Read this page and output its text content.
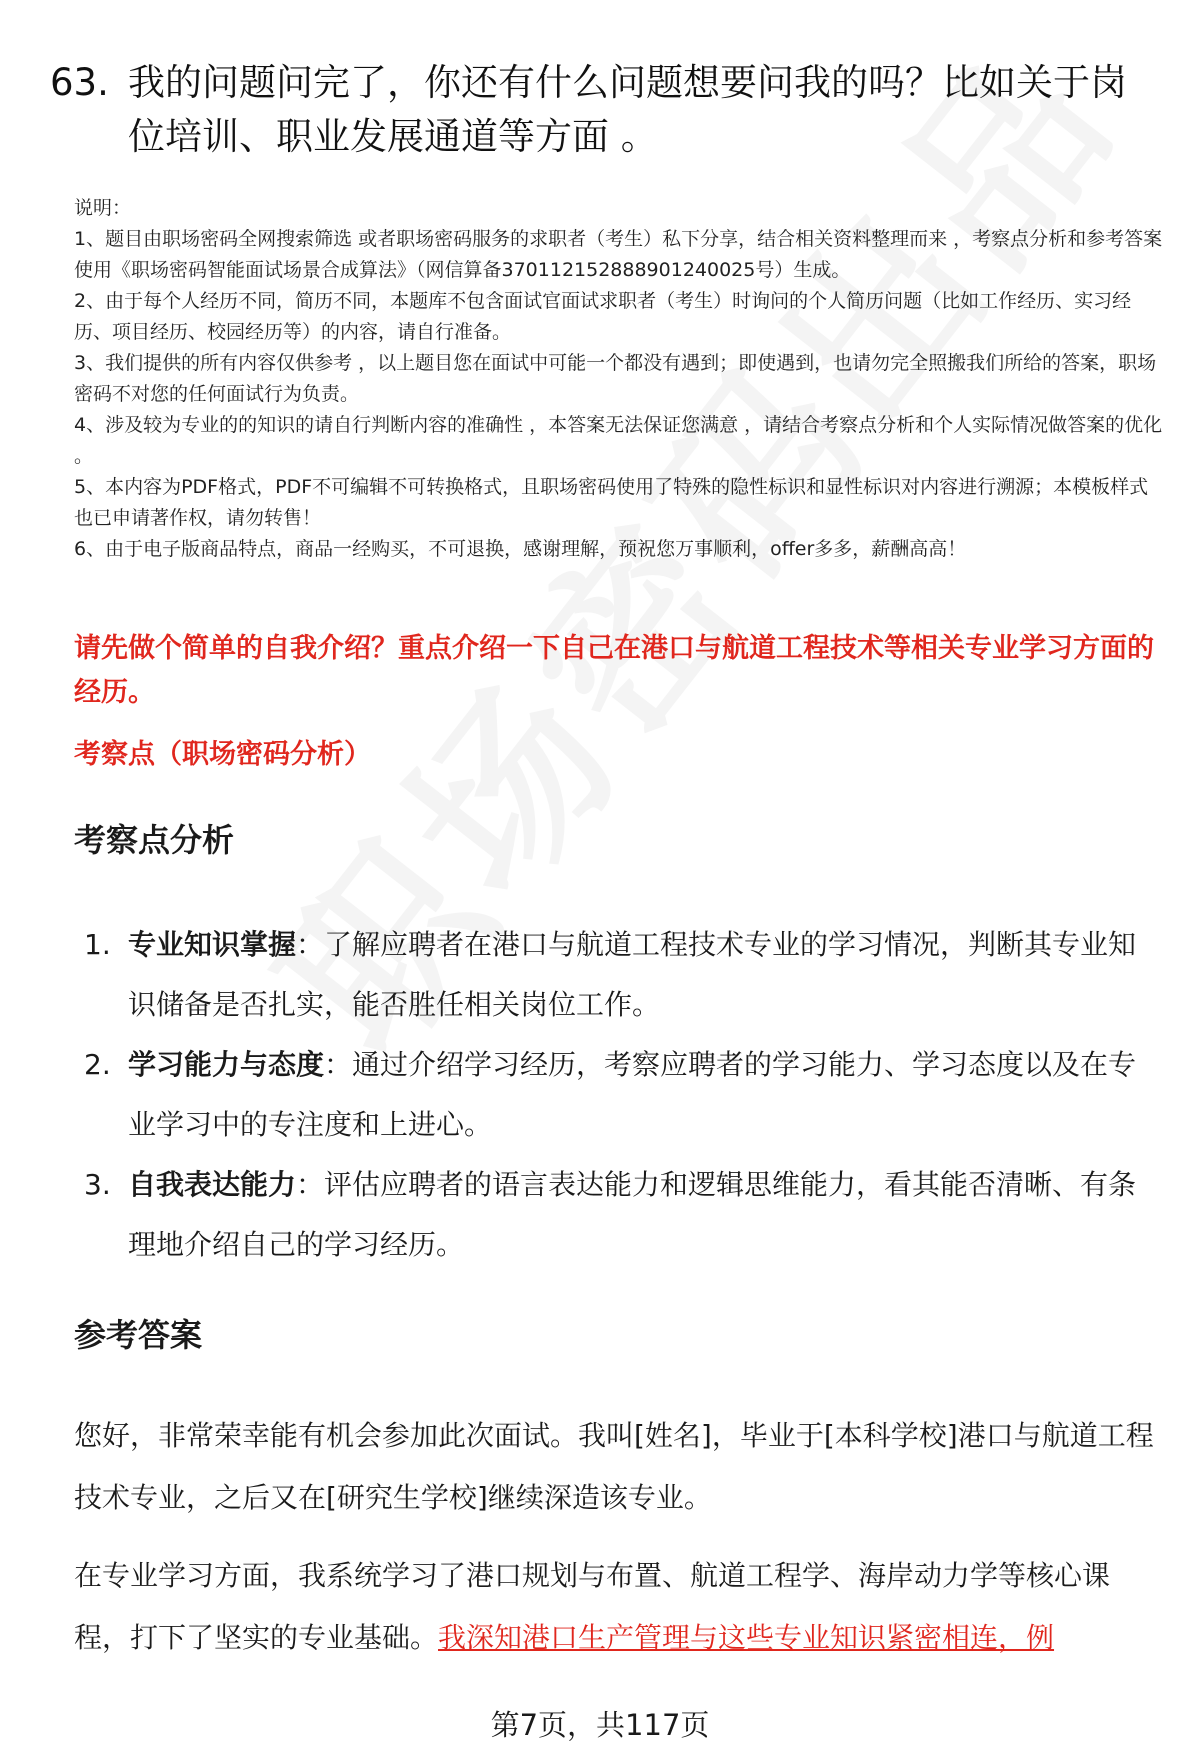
63. 我的问题问完了，你还有什么问题想要问我的吗？比如关于岗位培训、职业发展通道等方面 。

说明：

1、题目由职场密码全网搜索筛选 或者职场密码服务的求职者（考生）私下分享，结合相关资料整理而来 ，考察点分析和参考答案使用《职场密码智能面试场景合成算法》（网信算备370112152888901240025号）生成。

2、由于每个人经历不同，简历不同，本题库不包含面试官面试求职者（考生）时询问的个人简历问题（比如工作经历、实习经历、项目经历、校园经历等）的内容，请自行准备。

3、我们提供的所有内容仅供参考 ，以上题目您在面试中可能一个都没有遇到；即使遇到，也请勿完全照搬我们所给的答案，职场密码不对您的任何面试行为负责。

4、涉及较为专业的的知识的请自行判断内容的准确性 ，本答案无法保证您满意 ，请结合考察点分析和个人实际情况做答案的优化 。

5、本内容为PDF格式，PDF不可编辑不可转换格式，且职场密码使用了特殊的隐性标识和显性标识对内容进行溯源；本模板样式也已申请著作权，请勿转售！

6、由于电子版商品特点，商品一经购买，不可退换，感谢理解，预祝您万事顺利，offer多多，薪酬高高！

请先做个简单的自我介绍？重点介绍一下自己在港口与航道工程技术等相关专业学习方面的经历。
考察点（职场密码分析）
考察点分析
1. 专业知识掌握：了解应聘者在港口与航道工程技术专业的学习情况，判断其专业知识储备是否扎实，能否胜任相关岗位工作。
2. 学习能力与态度：通过介绍学习经历，考察应聘者的学习能力、学习态度以及在专业学习中的专注度和上进心。
3. 自我表达能力：评估应聘者的语言表达能力和逻辑思维能力，看其能否清晰、有条理地介绍自己的学习经历。
参考答案

您好，非常荣幸能有机会参加此次面试。我叫[姓名]，毕业于[本科学校]港口与航道工程技术专业，之后又在[研究生学校]继续深造该专业。

在专业学习方面，我系统学习了港口规划与布置、航道工程学、海岸动力学等核心课程，打下了坚实的专业基础。我深知港口生产管理与这些专业知识紧密相连，例

第7页，共117页
